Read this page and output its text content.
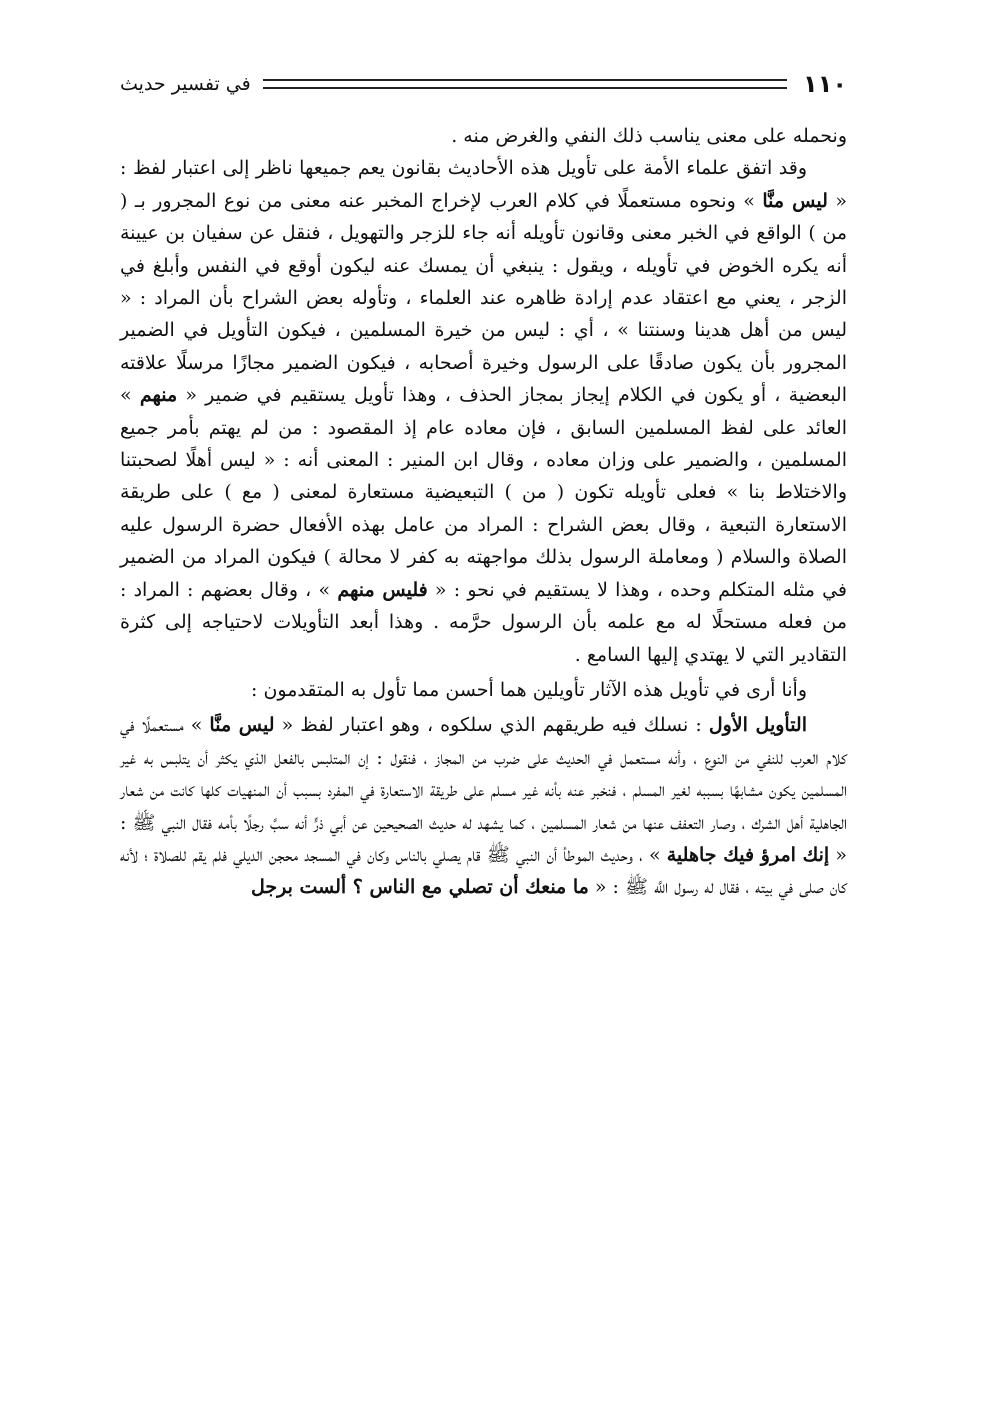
١١٠
في تفسير حديث

ونحمله على معنى يناسب ذلك النفي والغرض منه .

وقد اتفق علماء الأمة على تأويل هذه الأحاديث بقانون يعم جميعها ناظر إلى اعتبار لفظ : « ليس منَّا » ونحوه مستعملًا في كلام العرب لإخراج المخبر عنه معنى من نوع المجرور بـ ( من ) الواقع في الخبر معنى وقانون تأويله أنه جاء للزجر والتهويل ، فنقل عن سفيان بن عيينة أنه يكره الخوض في تأويله ، ويقول : ينبغي أن يمسك عنه ليكون أوقع في النفس وأبلغ في الزجر ، يعني مع اعتقاد عدم إرادة ظاهره عند العلماء ، وتأوله بعض الشراح بأن المراد : « ليس من أهل هدينا وسنتنا » ، أي : ليس من خيرة المسلمين ، فيكون التأويل في الضمير المجرور بأن يكون صادقًا على الرسول وخيرة أصحابه ، فيكون الضمير مجازًا مرسلًا علاقته البعضية ، أو يكون في الكلام إيجاز بمجاز الحذف ، وهذا تأويل يستقيم في ضمير « منهم » العائد على لفظ المسلمين السابق ، فإن معاده عام إذ المقصود : من لم يهتم بأمر جميع المسلمين ، والضمير على وزان معاده ، وقال ابن المنير : المعنى أنه : « ليس أهلًا لصحبتنا والاختلاط بنا » فعلى تأويله تكون ( من ) التبعيضية مستعارة لمعنى ( مع ) على طريقة الاستعارة التبعية ، وقال بعض الشراح : المراد من عامل بهذه الأفعال حضرة الرسول عليه الصلاة والسلام ( ومعاملة الرسول بذلك مواجهته به كفر لا محالة ) فيكون المراد من الضمير في مثله المتكلم وحده ، وهذا لا يستقيم في نحو : « فليس منهم » ، وقال بعضهم : المراد : من فعله مستحلًا له مع علمه بأن الرسول حرَّمه . وهذا أبعد التأويلات لاحتياجه إلى كثرة التقادير التي لا يهتدي إليها السامع .

وأنا أرى في تأويل هذه الآثار تأويلين هما أحسن مما تأول به المتقدمون :

التأويل الأول : نسلك فيه طريقهم الذي سلكوه ، وهو اعتبار لفظ « ليس منَّا » مستعملًا في كلام العرب للنفي من النوع ، وأنه مستعمل في الحديث على ضرب من المجاز ، فنقول : إن المتلبس بالفعل الذي يكثر أن يتلبس به غير المسلمين يكون مشابهًا بسببه لغير المسلم ، فنخبر عنه بأنه غير مسلم على طريقة الاستعارة في المفرد بسبب أن المنهيات كلها كانت من شعار الجاهلية أهل الشرك ، وصار التعفف عنها من شعار المسلمين ، كما يشهد له حديث الصحيحين عن أبي ذرٍّ أنه سبَّ رجلًا بأمه فقال النبي ﷺ : « إنك امرؤ فيك جاهلية » ، وحديث الموطأ أن النبي ﷺ قام يصلي بالناس وكان في المسجد محجن الديلي فلم يقم للصلاة ؛ لأنه كان صلى في بيته ، فقال له رسول اللَّه ﷺ : « ما منعك أن تصلي مع الناس ؟ ألست برجل
